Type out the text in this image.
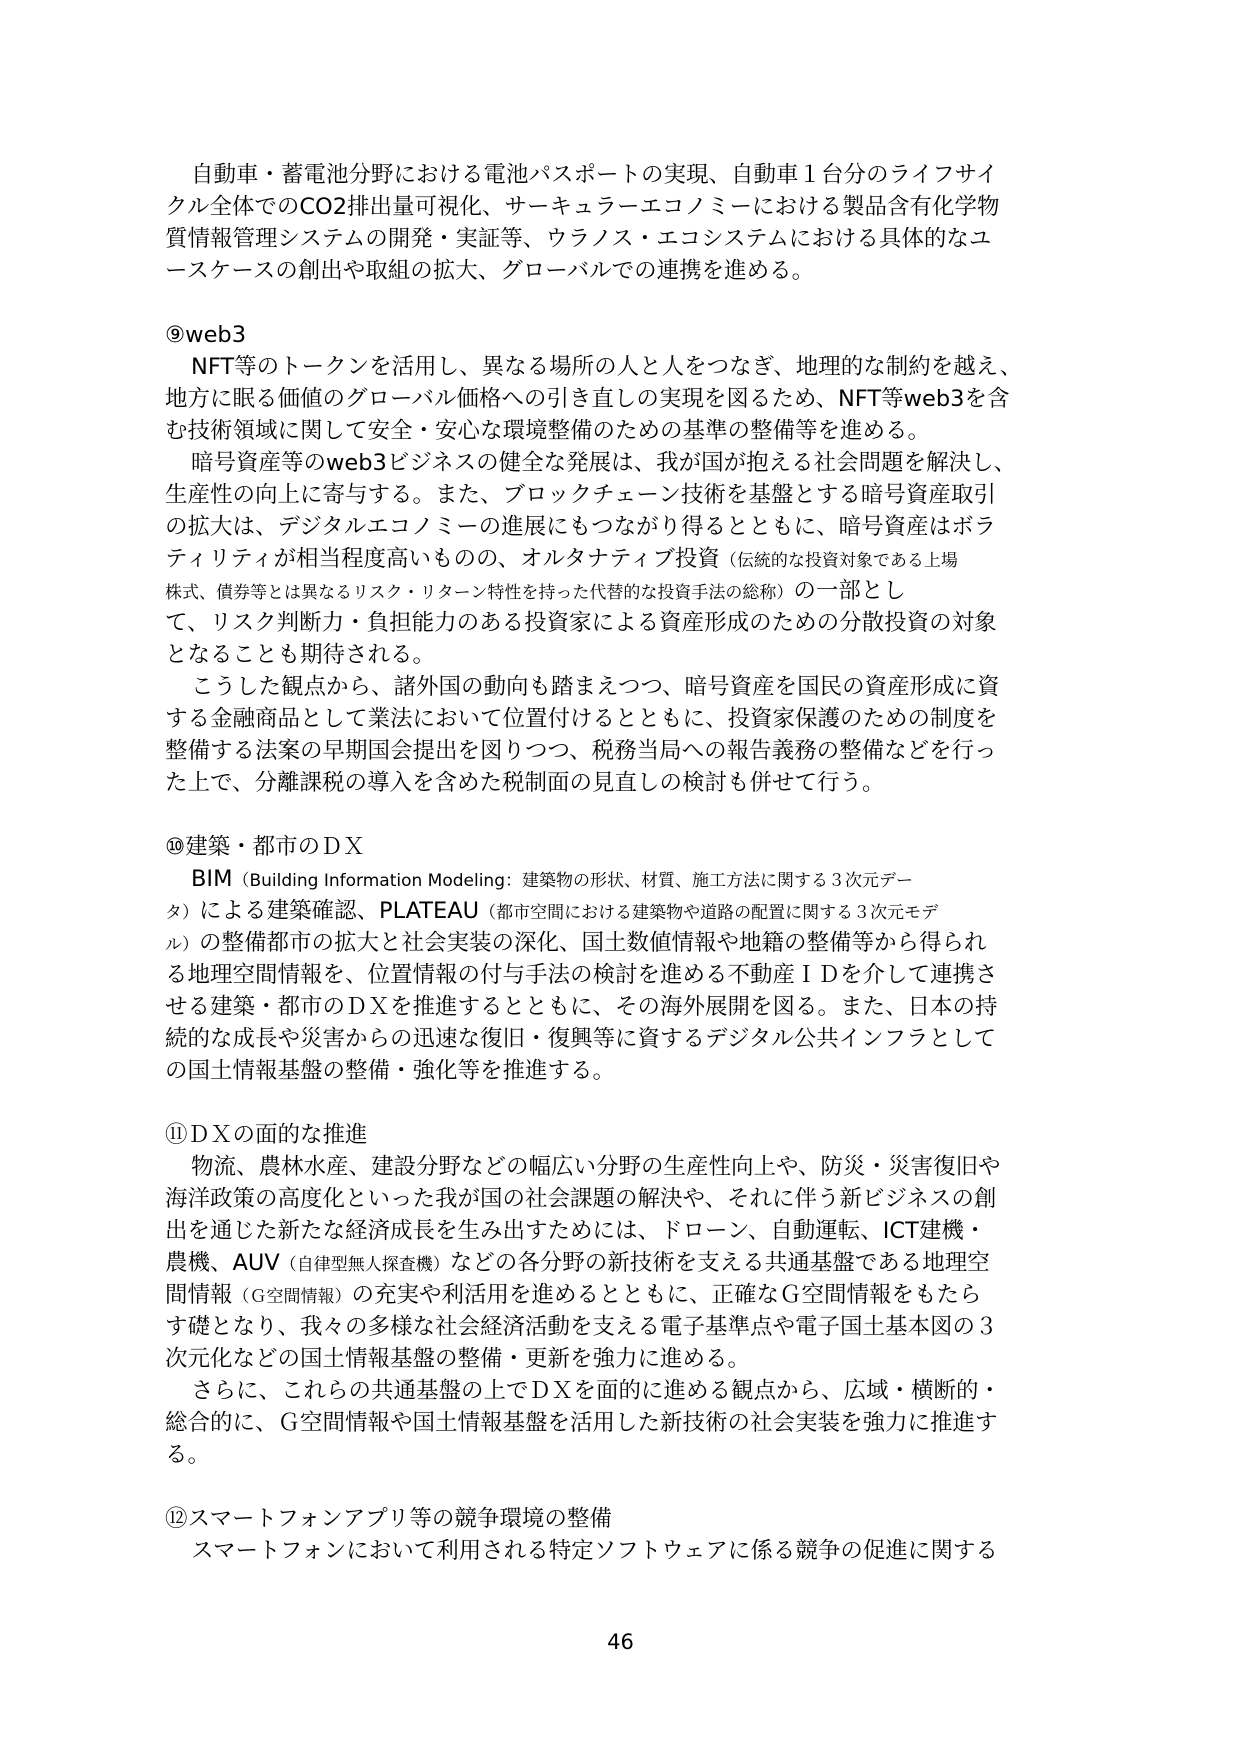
自動車・蓄電池分野における電池パスポートの実現、自動車１台分のライフサイ
クル全体でのCO2排出量可視化、サーキュラーエコノミーにおける製品含有化学物
質情報管理システムの開発・実証等、ウラノス・エコシステムにおける具体的なユ
ースケースの創出や取組の拡大、グローバルでの連携を進める。
⑨web3
NFT等のトークンを活用し、異なる場所の人と人をつなぎ、地理的な制約を越え、
地方に眠る価値のグローバル価格への引き直しの実現を図るため、NFT等web3を含
む技術領域に関して安全・安心な環境整備のための基準の整備等を進める。
暗号資産等のweb3ビジネスの健全な発展は、我が国が抱える社会問題を解決し、
生産性の向上に寄与する。また、ブロックチェーン技術を基盤とする暗号資産取引
の拡大は、デジタルエコノミーの進展にもつながり得るとともに、暗号資産はボラ
ティリティが相当程度高いものの、オルタナティブ投資（伝統的な投資対象である上場
株式、債券等とは異なるリスク・リターン特性を持った代替的な投資手法の総称）の一部とし
て、リスク判断力・負担能力のある投資家による資産形成のための分散投資の対象
となることも期待される。
こうした観点から、諸外国の動向も踏まえつつ、暗号資産を国民の資産形成に資
する金融商品として業法において位置付けるとともに、投資家保護のための制度を
整備する法案の早期国会提出を図りつつ、税務当局への報告義務の整備などを行っ
た上で、分離課税の導入を含めた税制面の見直しの検討も併せて行う。
⑩建築・都市のＤＸ
BIM（Building Information Modeling：建築物の形状、材質、施工方法に関する３次元デー
タ）による建築確認、PLATEAU（都市空間における建築物や道路の配置に関する３次元モデ
ル）の整備都市の拡大と社会実装の深化、国土数値情報や地籍の整備等から得られ
る地理空間情報を、位置情報の付与手法の検討を進める不動産ＩＤを介して連携さ
せる建築・都市のＤＸを推進するとともに、その海外展開を図る。また、日本の持
続的な成長や災害からの迅速な復旧・復興等に資するデジタル公共インフラとして
の国土情報基盤の整備・強化等を推進する。
⑪ＤＸの面的な推進
物流、農林水産、建設分野などの幅広い分野の生産性向上や、防災・災害復旧や
海洋政策の高度化といった我が国の社会課題の解決や、それに伴う新ビジネスの創
出を通じた新たな経済成長を生み出すためには、ドローン、自動運転、ICT建機・
農機、AUV（自律型無人探査機）などの各分野の新技術を支える共通基盤である地理空
間情報（Ｇ空間情報）の充実や利活用を進めるとともに、正確なＧ空間情報をもたら
す礎となり、我々の多様な社会経済活動を支える電子基準点や電子国土基本図の３
次元化などの国土情報基盤の整備・更新を強力に進める。
さらに、これらの共通基盤の上でＤＸを面的に進める観点から、広域・横断的・
総合的に、Ｇ空間情報や国土情報基盤を活用した新技術の社会実装を強力に推進す
る。
⑫スマートフォンアプリ等の競争環境の整備
スマートフォンにおいて利用される特定ソフトウェアに係る競争の促進に関する
46
